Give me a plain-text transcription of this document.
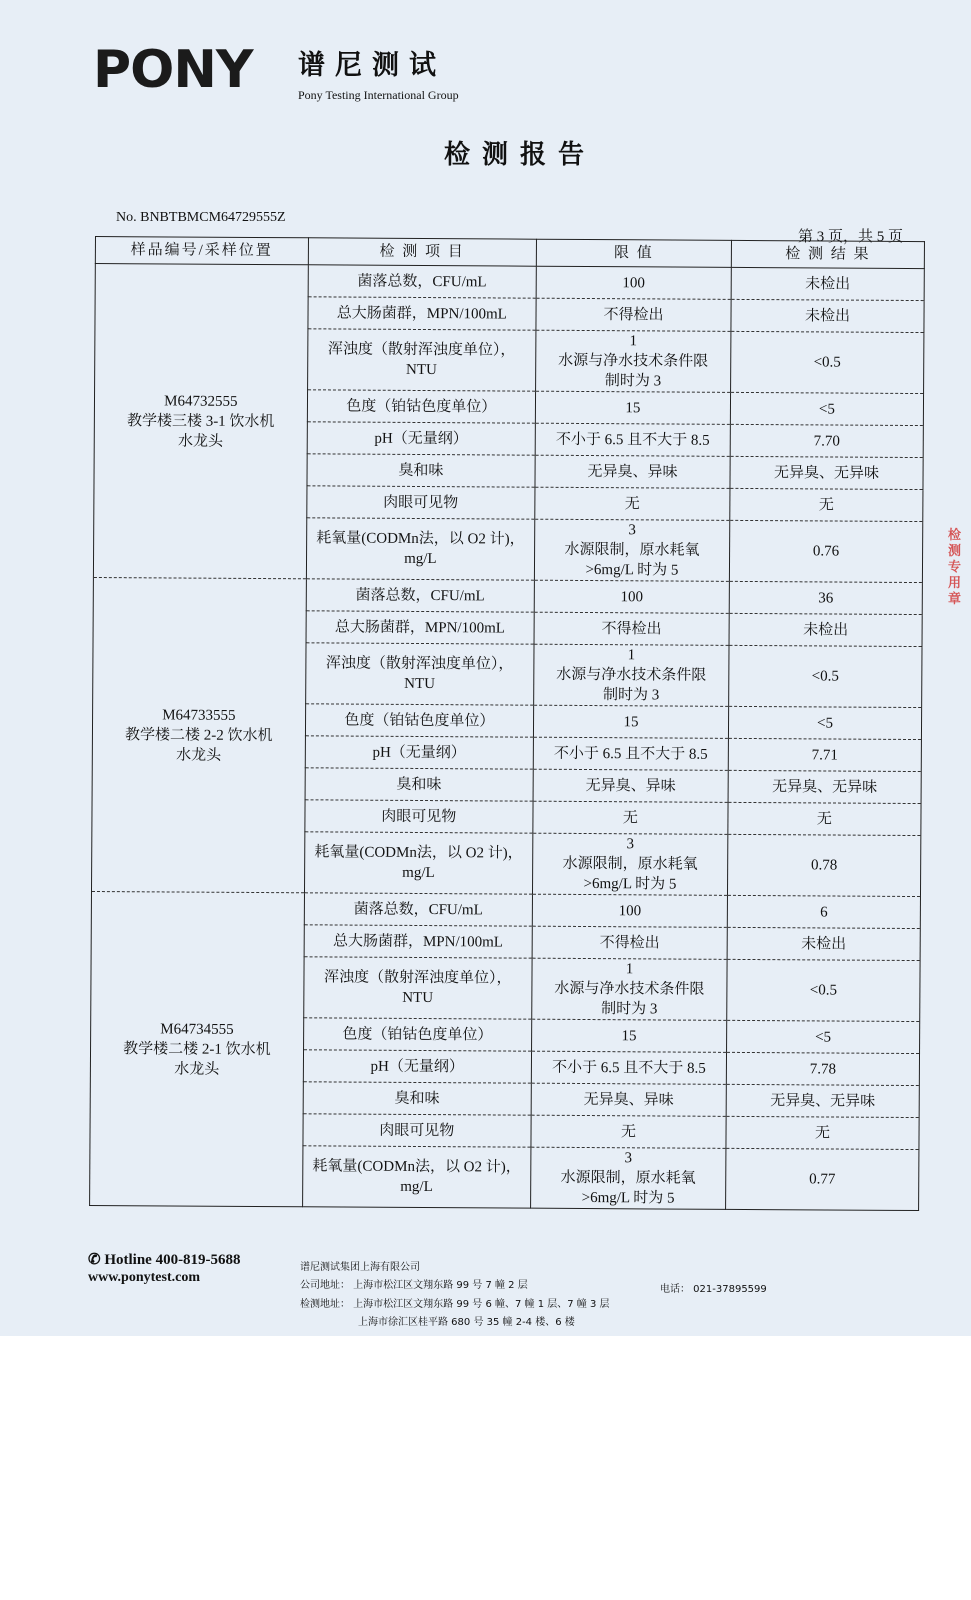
PONY 谱尼测试
Pony Testing International Group
检测报告
No. BNBTBMCM64729555Z
第 3 页，共 5 页
样品编号/采样位置	检 测 项 目	限 值	检 测 结 果
M64732555
教学楼三楼 3-1 饮水机
水龙头	菌落总数，CFU/mL	100	未检出
	总大肠菌群，MPN/100mL	不得检出	未检出
	浑浊度（散射浑浊度单位），
NTU	1
水源与净水技术条件限
制时为 3	<0.5
	色度（铂钴色度单位）	15	<5
	pH（无量纲）	不小于 6.5 且不大于 8.5	7.70
	臭和味	无异臭、异味	无异臭、无异味
	肉眼可见物	无	无
	耗氧量(CODMn法，以 O2 计)，
mg/L	3
水源限制，原水耗氧
>6mg/L 时为 5	0.76
M64733555
教学楼二楼 2-2 饮水机
水龙头	菌落总数，CFU/mL	100	36
	总大肠菌群，MPN/100mL	不得检出	未检出
	浑浊度（散射浑浊度单位），
NTU	1
水源与净水技术条件限
制时为 3	<0.5
	色度（铂钴色度单位）	15	<5
	pH（无量纲）	不小于 6.5 且不大于 8.5	7.71
	臭和味	无异臭、异味	无异臭、无异味
	肉眼可见物	无	无
	耗氧量(CODMn法，以 O2 计)，
mg/L	3
水源限制，原水耗氧
>6mg/L 时为 5	0.78
M64734555
教学楼二楼 2-1 饮水机
水龙头	菌落总数，CFU/mL	100	6
	总大肠菌群，MPN/100mL	不得检出	未检出
	浑浊度（散射浑浊度单位），
NTU	1
水源与净水技术条件限
制时为 3	<0.5
	色度（铂钴色度单位）	15	<5
	pH（无量纲）	不小于 6.5 且不大于 8.5	7.78
	臭和味	无异臭、异味	无异臭、无异味
	肉眼可见物	无	无
	耗氧量(CODMn法，以 O2 计)，
mg/L	3
水源限制，原水耗氧
>6mg/L 时为 5	0.77
✆ Hotline 400-819-5688
www.ponytest.com
谱尼测试集团上海有限公司
公司地址： 上海市松江区文翔东路 99 号 7 幢 2 层	电话： 021-37895599
检测地址： 上海市松江区文翔东路 99 号 6 幢、7 幢 1 层、7 幢 3 层
上海市徐汇区桂平路 680 号 35 幢 2-4 楼、6 楼
检测专用章
